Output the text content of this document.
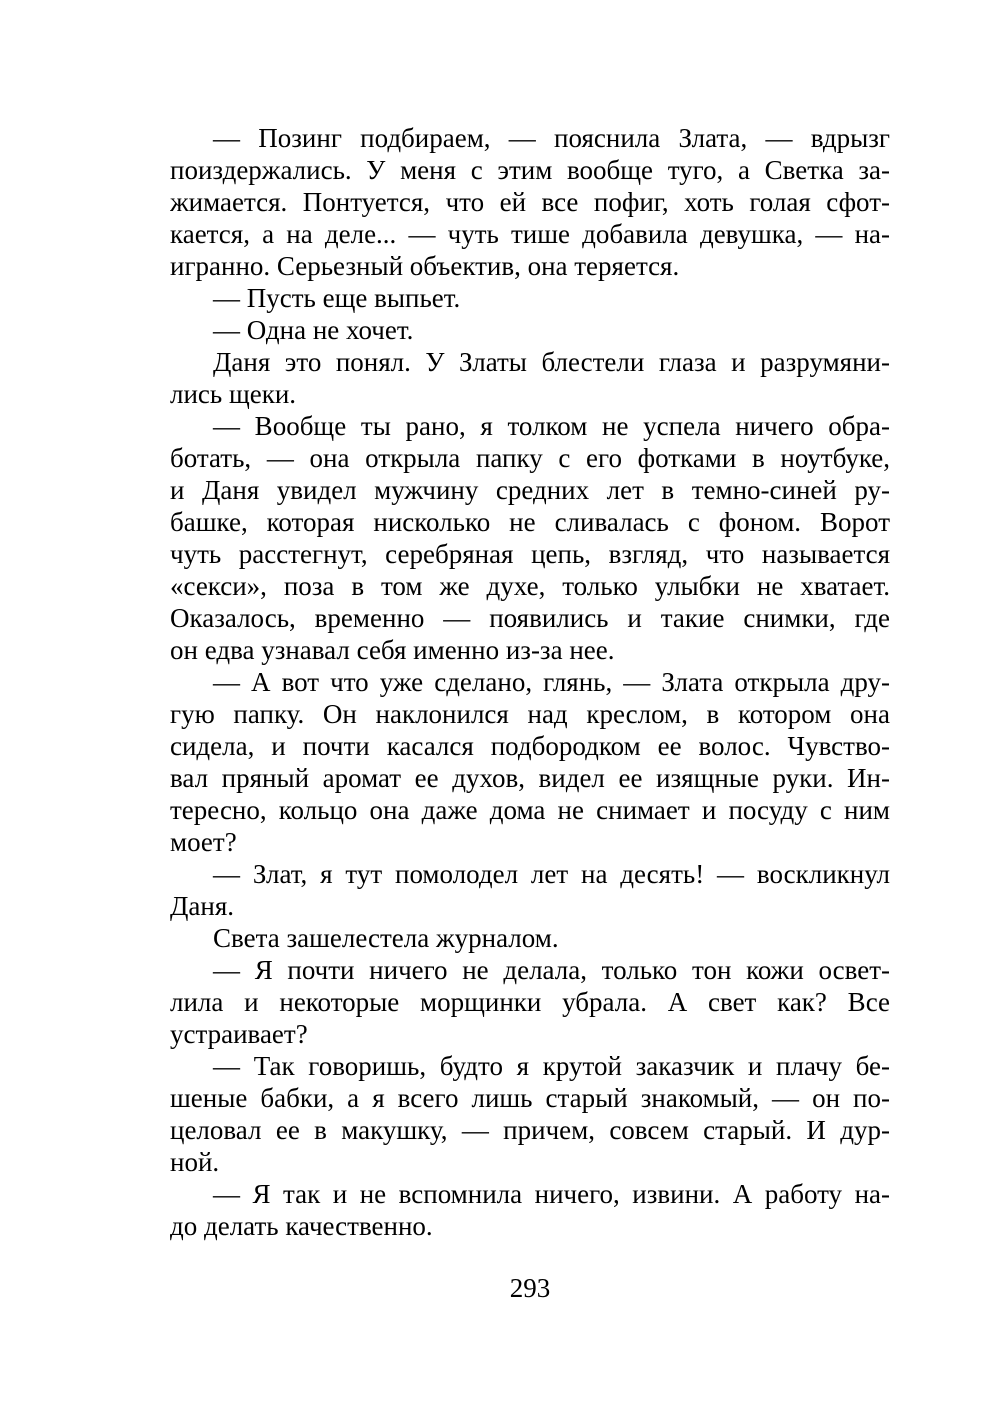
— Позинг подбираем, — пояснила Злата, — вдрызг
поиздержались. У меня с этим вообще туго, а Светка за-
жимается. Понтуется, что ей все пофиг, хоть голая сфот-
кается, а на деле... — чуть тише добавила девушка, — на-
игранно. Серьезный объектив, она теряется.
— Пусть еще выпьет.
— Одна не хочет.
Даня это понял. У Златы блестели глаза и разрумяни-
лись щеки.
— Вообще ты рано, я толком не успела ничего обра-
ботать, — она открыла папку с его фотками в ноутбуке,
и Даня увидел мужчину средних лет в темно-синей ру-
башке, которая нисколько не сливалась с фоном. Ворот
чуть расстегнут, серебряная цепь, взгляд, что называется
«секси», поза в том же духе, только улыбки не хватает.
Оказалось, временно — появились и такие снимки, где
он едва узнавал себя именно из-за нее.
— А вот что уже сделано, глянь, — Злата открыла дру-
гую папку. Он наклонился над креслом, в котором она
сидела, и почти касался подбородком ее волос. Чувство-
вал пряный аромат ее духов, видел ее изящные руки. Ин-
тересно, кольцо она даже дома не снимает и посуду с ним
моет?
— Злат, я тут помолодел лет на десять! — воскликнул
Даня.
Света зашелестела журналом.
— Я почти ничего не делала, только тон кожи освет-
лила и некоторые морщинки убрала. А свет как? Все
устраивает?
— Так говоришь, будто я крутой заказчик и плачу бе-
шеные бабки, а я всего лишь старый знакомый, — он по-
целовал ее в макушку, — причем, совсем старый. И дур-
ной.
— Я так и не вспомнила ничего, извини. А работу на-
до делать качественно.
293
